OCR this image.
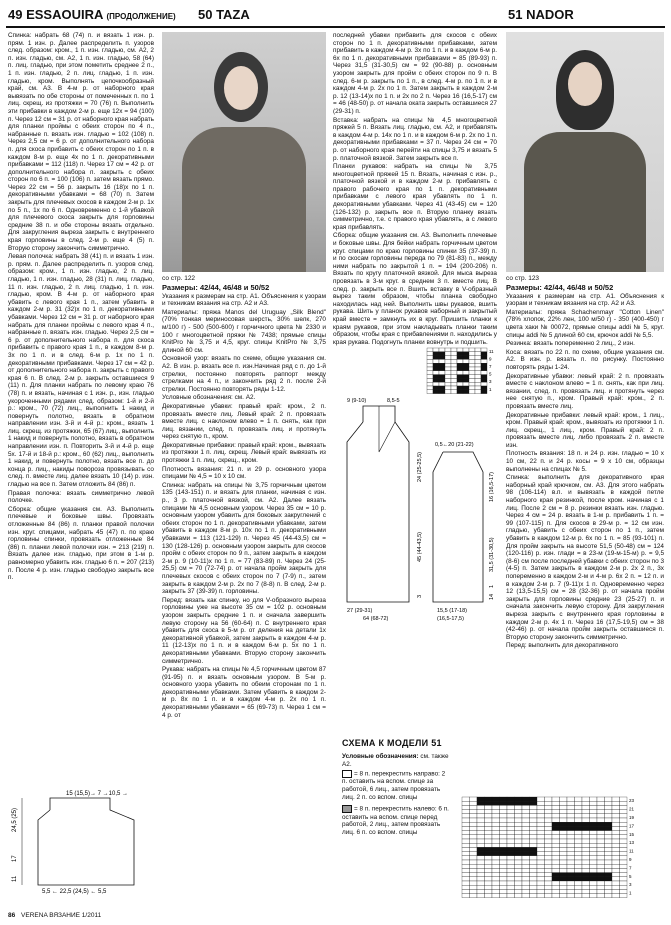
49 ESSAOUIRA (ПРОДОЛЖЕНИЕ) 50 TAZA	51 NADOR

Спинка: набрать 68 (74) п. и вязать 1 изн. р. прям. 1 изн. р. Далее распределить п. узоров след. образом: кром., 1 п. изн. гладью, см. А2, 2 п. изн. гладью, см. А2, 1 п. изн. гладью, 58 (64) п. лиц. гладью, при этом пометить среднее 2 п., 1 п. изн. гладью, 2 п. лиц. гладью, 1 п. изн. гладью, кром. Выполнять цепочкообразный край, см. А3. В 4-м р. от наборного края вывязать по обе стороны от помеченных п. по 1 лиц. скрещ. из протяжки = 70 (76) п. Выполнить эти прибавки в каждом 2-м р. еще 12х = 94 (100) п. Через 12 см = 31 р. от наборного края набрать для планки проймы с обеих сторон по 4 п., набранные п. вязать изн. гладью = 102 (108) п. Через 2,5 см = 6 р. от дополнительного набора п. для скоса прибавить с обеих сторон по 1 п. в каждом 8-м р. еще 4х по 1 п. декоративными прибавками = 112 (118) п. Через 17 см = 42 р. от дополнительного набора п. закрыть с обеих сторон по 6 п. = 100 (106) п. затем вязать прямо. Через 22 см = 56 р. закрыть 16 (18)х по 1 п. декоративными убавками = 68 (70) п. Затем закрыть для плечевых скосов в каждом 2-м р. 1х по 5 п., 1х по 6 п. Одновременно с 1-й убавкой для плечевого скоса закрыть для горловины средние 38 п. и обе стороны вязать отдельно. Для закругления выреза закрыть с внутреннего края горловины в след. 2-м р. еще 4 (5) п. Вторую сторону закончить симметрично.

Левая полочка: набрать 38 (41) п. и вязать 1 изн. р. прям. п. Далее распределить п. узоров след. образом: кром., 1 п. изн. гладью, 2 п. лиц. гладью, 1 п. изн. гладью, 28 (31) п. лиц. гладью, 11 п. изн. гладью, 2 п. лиц. гладью, 1 п. изн. гладью, кром. В 4-м р. от наборного края убавить с левого края 1 п., затем убавить в каждом 2-м р. 31 (32)х по 1 п. декоративными убавками. Через 12 см = 31 р. от наборного края набрать для планки проймы с левого края 4 п., набранные п. вязать изн. гладью. Через 2,5 см = 6 р. от дополнительного набора п. для скоса прибавить с правого края 1 п., в каждом 8-м р. 3х по 1 п. и в след. 6-м р. 1х по 1 п. декоративными прибавками. Через 17 см = 42 р. от дополнительного набора п. закрыть с правого края 6 п. В след. 2-м р. закрыть оставшиеся 9 (11) п. Для планки набрать по левому краю 76 (78) п. и вязать, начиная с 1 изн. р., изн. гладью укороченными рядами след. образом: 1-й и 2-й р.: кром., 70 (72) лиц., выполнить 1 накид и повернуть полотно, вязать в обратном направлении изн. 3-й и 4-й р.: кром., вязать 1 лиц. скрещ. из протяжки, 65 (67) лиц., выполнить 1 накид и повернуть полотно, вязать в обратном направлении изн. п. Повторить 3-й и 4-й р. еще 5х. 17-й и 18-й р.: кром., 60 (62) лиц., выполнить 1 накид, и повернуть полотно, вязать все п. до конца р. лиц., накиды повороза провязывать со след. п. вместе лиц. далее вязать 10 (14) р. изн. гладью на все п. Затем отложить 84 (86) п.

Правая полочка: вязать симметрично левой полочке.

Сборка: общие указания см. А3. Выполнить плечевые и боковые швы. Провязать отложенные 84 (86) п. планки правой полочки изн. круг. спицами, набрать 45 (47) п. по краю горловины спинки, провязать отложенные 84 (86) п. планки левой полочки изн. = 213 (219) п. Вязать далее изн. гладью, при этом в 1-м р. равномерно убавить изн. гладью 6 п. = 207 (213) п. После 4 р. изн. гладью свободно закрыть все п.

15 (15,5)→ 7 →10,5 →
24,5 (25)
17
11
5,5 ← 22,5 (24,5) ← 5,5
со стр. 122

Размеры: 42/44, 46/48 и 50/52

Указания к размерам на стр. А1. Объяснения к узорам и техникам вязания на стр. А2 и А3.

Материалы: пряжа Manos del Uruguay „Silk Blend" (70% тонкая мериносовая шерсть, 30% шелк, 270 м/100 г) - 500 (500-600) г горчичного цвета № 2330 и 100 г многоцветной пряжи № 7438; прямые спицы KnitPro № 3,75 и 4,5, круг. спицы KnitPro № 3,75 длиной 60 см.

Основной узор: вязать по схеме, общие указания см. А2. В изн. р. вязать все п. изн.Начиная ряд с п. до 1-й стрелки, постоянно повторять раппорт между стрелками на 4 п., и закончить ряд 2 п. после 2-й стрелки. Постоянно повторять ряды 1-12.

Условные обозначения: см. А2.

Декоративные убавки: правый край: кром., 2 п. провязать вместе лиц. Левый край: 2 п. провязать вместе лиц. с наклоном влево = 1 п. снять, как при лиц. вязании, след. п. провязать лиц. и протянуть через снятую п., кром.

Декоративные прибавки: правый край: кром., вывязать из протяжки 1 п. лиц. скрещ. Левый край: вывязать из протяжки 1 п. лиц. скрещ., кром.

Плотность вязания: 21 п. и 29 р. основного узора спицами № 4,5 = 10 х 10 см.

Спинка: набрать на спицы № 3,75 горчичным цветом 135 (143-151) п. и вязать для планки, начиная с изн. р., 3 р. платочной вязкой, см. А2. Далее вязать спицами № 4,5 основным узором. Через 35 см = 10 р. основным узором убавить для боковых закруглений с обеих сторон по 1 п. декоративными убавками, затем убавить в каждом 8-м р. 10х по 1 п. декоративными убавками = 113 (121-129) п. Через 45 (44-43,5) см = 130 (128-126) р. основным узором закрыть для скосов пройм с обеих сторон по 9 п., затем закрыть в каждом 2-м р. 9 (10-11)х по 1 п. = 77 (83-89) п. Через 24 (25-25,5) см = 70 (72-74) р. от начала пройм закрыть для плечевых скосов с обеих сторон по 7 (7-9) п., затем закрыть в каждом 2-м р. 2х по 7 (8-8) п. В след. 2-м р. закрыть 37 (39-39) п. горловины.

Перед: вязать как спинку, но для V-образного выреза горловины уже на высоте 35 см = 102 р. основным узором закрыть средние 1 п. и сначала завершить левую сторону на 56 (60-64) п. С внутреннего края убавить для скоса в 5-м р. от деления на детали 1х декоративной убавкой, затем закрыть в каждом 4-м р. 11 (12-13)х по 1 п. и в каждом 6-м р. 5х по 1 п. декоративными убавками. Вторую сторону закончить симметрично.

Рукава: набрать на спицы № 4,5 горчичным цветом 87 (91-95) п. и вязать основным узором. В 5-м р. основного узора убавить по обеим сторонам по 1 п. декоративными убавками. Затем убавить в каждом 2-м р. 8х по 1 п. и в каждом 4-м р. 2х по 1 п. декоративными убавками = 65 (69-73) п. Через 1 см = 4 р. от

последней убавки прибавить для скосов с обеих сторон по 1 п. декоративными прибавками, затем прибавить в каждом 4-м р. 3х по 1 п. и в каждом 6-м р. 6х по 1 п. декоративными прибавками = 85 (89-93) п. Через 31,5 (31-30,5) см = 92 (90-88) р. основным узором закрыть для пройм с обеих сторон по 9 п. В след. 6-м р. закрыть по 1 п., в след. 4-м р. по 1 п. и в каждом 4-м р. 2х по 1 п. Затем закрыть в каждом 2-м р. 12 (13-14)х по 1 п. и 2х по 2 п. Через 16 (16,5-17) см = 46 (48-50) р. от начала оката закрыть оставшиеся 27 (29-31) п.

Вставка: набрать на спицы № 4,5 многоцветной пряжей 5 п. Вязать лиц. гладью, см. А2, и прибавлять в каждом 4-м р. 14х по 1 п. и в каждом 6-м р. 2х по 1 п. декоративными прибавками = 37 п. Через 24 см = 70 р. от наборного края перейти на спицы 3,75 и вязать 5 р. платочной вязкой. Затем закрыть все п.

Планки рукавов: набрать на спицы № 3,75 многоцветной пряжей 15 п. Вязать, начиная с изн. р., платочной вязкой и в каждом 2-м р. прибавлять с правого рабочего края по 1 п. декоративными прибавками с левого края убавлять по 1 п. декоративными убавками. Через 41 (43-45) см = 120 (126-132) р. закрыть все п. Вторую планку вязать симметрично, т.е. с правого края убавлять, а с левого края прибавлять.

Сборка: общие указания см. А3. Выполнить плечевые и боковые швы. Для бейки набрать горчичным цветом круг. спицами по краю горловины спинки 35 (37-39) п. и по скосам горловины переда по 79 (81-83) п., между ними набрать по закрытой 1 п. = 194 (200-206) п. Вязать по кругу платочной вязкой. Для мыса выреза провязать в 3-м круг. в среднем 3 п. вместе лиц. В след. р. закрыть все п. Вшить вставку в V-образный вырез таким образом, чтобы планка свободно находилась над ней. Выполнить швы рукавов, вшить рукава. Шить у планок рукавов наборный и закрытый край вместе = замкнуть их в круг. Пришить планки к краям рукавов, при этом накладывать планки таким образом, чтобы края с прибавлениями п. находились у края рукава. Подогнуть планки вовнутрь и подшить.

11
9
7
5
3
1
9 (9-10)	8,5-5
24 (25-25,5)
45 (44-43,5)
3
27 (29-31)
64 (68-72)
0,5←20 (21-22)
16 (16,5-17)
31,5 (31-30,5)
1
14
15,5 (17-18)
(16,5-17,5)
СХЕМА К МОДЕЛИ 51
Условные обозначения: см. также А2.
= 8 п. перекрестить направо: 2 п. оставить на вспом. спице за работой, 6 лиц., затем провязать лиц. 2 п. со вспом. спицы
= 8 п. перекрестить налево: 6 п. оставить на вспом. спице перед работой, 2 лиц., затем провязать лиц. 6 п. со вспом. спицы
23
21
19
17
15
13
11
9
7
5
3
1
со стр. 123

Размеры: 42/44, 46/48 и 50/52

Указания к размерам на стр. А1. Объяснения к узорам и техникам вязания на стр. А2 и А3.

Материалы: пряжа Schachenmayr "Cotton Linen" (78% хлопок, 22% лен, 100 м/50 г) - 350 (400-450) г цвета хаки № 00072, прямые спицы addi № 5, круг. спицы addi № 5 длиной 60 см, крючок addi № 5,5.

Резинка: вязать попеременно 2 лиц., 2 изн.

Коса: вязать по 22 п. по схеме, общие указания см. А2. В изн. р. вязать п. по рисунку. Постоянно повторять ряды 1-24.

Декоративные убавки: левый край: 2 п. провязать вместе с наклоном влево = 1 п. снять, как при лиц. вязании, след. п. провязать лиц. и протянуть через нее снятую п., кром. Правый край: кром., 2 п. провязать вместе лиц.

Декоративные прибавки: левый край: кром., 1 лиц., кром. Правый край: кром., вывязать из протяжки 1 п. лиц. скрещ., 1 лиц., кром. Правый край: 2 п. провязать вместе лиц. либо провязать 2 п. вместе изн.

Плотность вязания: 18 п. и 24 р. изн. гладью = 10 х 10 см, 22 п. и 24 р. косы = 9 х 10 см, образцы выполнены на спицах № 5.

Спинка: выполнить для декоративного края наборный край крючком, см. А3. Для этого набрать 98 (106-114) в.п. и вывязать в каждой петле наборного края резинкой, после кром. начиная с 1 лиц. После 2 см = 8 р. резинки вязать изн. гладью. Через 4 см = 24 р. вязать в 1-м р. прибавить 1 п. = 99 (107-115) п. Для скосов в 29-м р. = 12 см изн. гладью, убавить с обеих сторон по 1 п., затем убавить в каждом 12-м р. 6х по 1 п. = 85 (93-101) п. Для пройм закрыть на высоте 51,5 (50-48) см = 124 (120-116) р. изн. глади = в 23-м (19-м-15-м) р. = 9,5 (8-6) см после последней убавки с обеих сторон по 3 (4-5) п. Затем закрыть в каждом 2-м р. 2х 2 п., 3х попеременно в каждом 2-м и 4-м р. 6х 2 п. = 12 п. и в каждом 2-м р. 7 (9-11)х 1 п. Одновременно через 12 (13,5-15,5) см = 28 (32-36) р. от начала пройм закрыть для горловины средние 23 (25-27) п. и сначала закончить левую сторону. Для закругления выреза закрыть с внутреннего края горловины в каждом 2-м р. 4х 1 п. Через 16 (17,5-19,5) см = 38 (42-46) р. от начала пройм закрыть оставшиеся п. Вторую сторону закончить симметрично.

Перед: выполнить для декоративного

86 VERENA ВЯЗАНИЕ 1/2011
